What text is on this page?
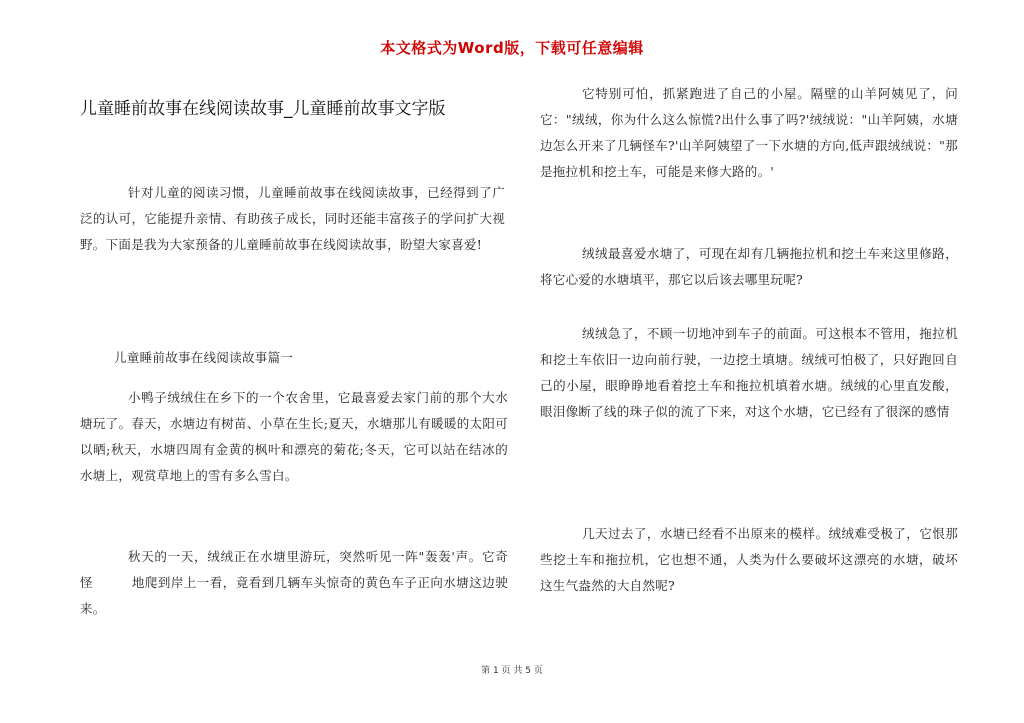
本文格式为Word版，下载可任意编辑
儿童睡前故事在线阅读故事_儿童睡前故事文字版
针对儿童的阅读习惯，儿童睡前故事在线阅读故事，已经得到了广泛的认可，它能提升亲情、有助孩子成长，同时还能丰富孩子的学问扩大视野。下面是我为大家预备的儿童睡前故事在线阅读故事，盼望大家喜爱!
儿童睡前故事在线阅读故事篇一
小鸭子绒绒住在乡下的一个农舍里，它最喜爱去家门前的那个大水塘玩了。春天，水塘边有树苗、小草在生长;夏天，水塘那儿有暖暖的太阳可以晒;秋天，水塘四周有金黄的枫叶和漂亮的菊花;冬天，它可以站在结冰的水塘上，观赏草地上的雪有多么雪白。
秋天的一天，绒绒正在水塘里游玩，突然听见一阵"轰轰'声。它奇怪　　　地爬到岸上一看，竟看到几辆车头惊奇的黄色车子正向水塘这边驶来。
它特别可怕，抓紧跑进了自己的小屋。隔壁的山羊阿姨见了，问它："绒绒，你为什么这么惊慌?出什么事了吗?'绒绒说："山羊阿姨，水塘边怎么开来了几辆怪车?'山羊阿姨望了一下水塘的方向,低声跟绒绒说："那是拖拉机和挖土车，可能是来修大路的。'
绒绒最喜爱水塘了，可现在却有几辆拖拉机和挖土车来这里修路，将它心爱的水塘填平，那它以后该去哪里玩呢?
绒绒急了，不顾一切地冲到车子的前面。可这根本不管用，拖拉机和挖土车依旧一边向前行驶，一边挖土填塘。绒绒可怕极了，只好跑回自己的小屋，眼睁睁地看着挖土车和拖拉机填着水塘。绒绒的心里直发酸，眼泪像断了线的珠子似的流了下来，对这个水塘，它已经有了很深的感情
几天过去了，水塘已经看不出原来的模样。绒绒难受极了，它恨那些挖土车和拖拉机，它也想不通，人类为什么要破坏这漂亮的水塘，破坏这生气盎然的大自然呢?
第 1 页 共 5 页
